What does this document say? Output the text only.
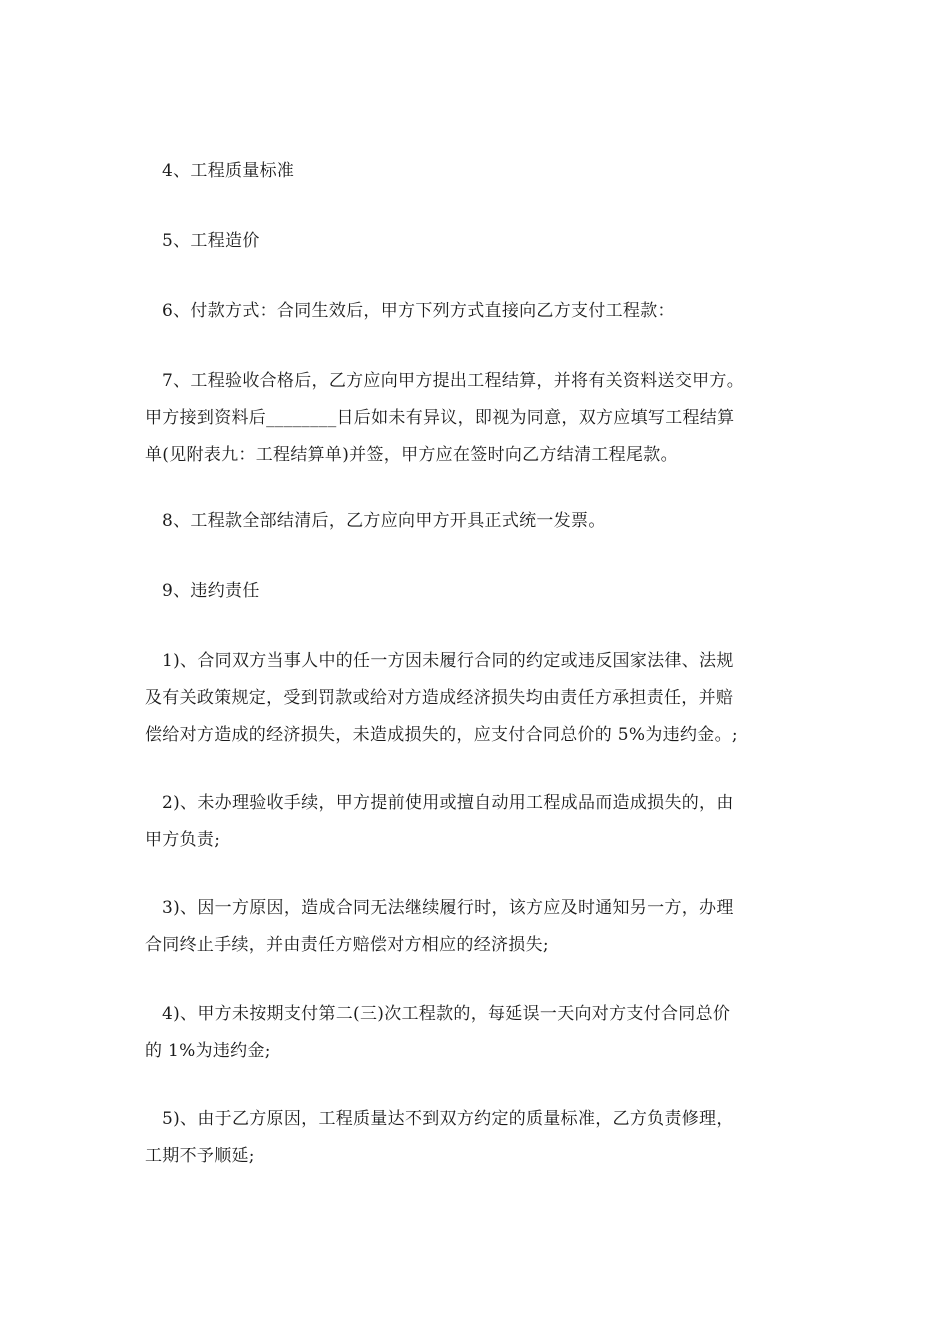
4、工程质量标准

5、工程造价

6、付款方式：合同生效后，甲方下列方式直接向乙方支付工程款：

7、工程验收合格后，乙方应向甲方提出工程结算，并将有关资料送交甲方。
甲方接到资料后________日后如未有异议，即视为同意，双方应填写工程结算
单(见附表九：工程结算单)并签，甲方应在签时向乙方结清工程尾款。

8、工程款全部结清后，乙方应向甲方开具正式统一发票。

9、违约责任

1)、合同双方当事人中的任一方因未履行合同的约定或违反国家法律、法规
及有关政策规定，受到罚款或给对方造成经济损失均由责任方承担责任，并赔
偿给对方造成的经济损失，未造成损失的，应支付合同总价的 5%为违约金。;

2)、未办理验收手续，甲方提前使用或擅自动用工程成品而造成损失的，由
甲方负责;

3)、因一方原因，造成合同无法继续履行时，该方应及时通知另一方，办理
合同终止手续，并由责任方赔偿对方相应的经济损失;

4)、甲方未按期支付第二(三)次工程款的，每延误一天向对方支付合同总价
的 1%为违约金;

5)、由于乙方原因，工程质量达不到双方约定的质量标准，乙方负责修理，
工期不予顺延;
